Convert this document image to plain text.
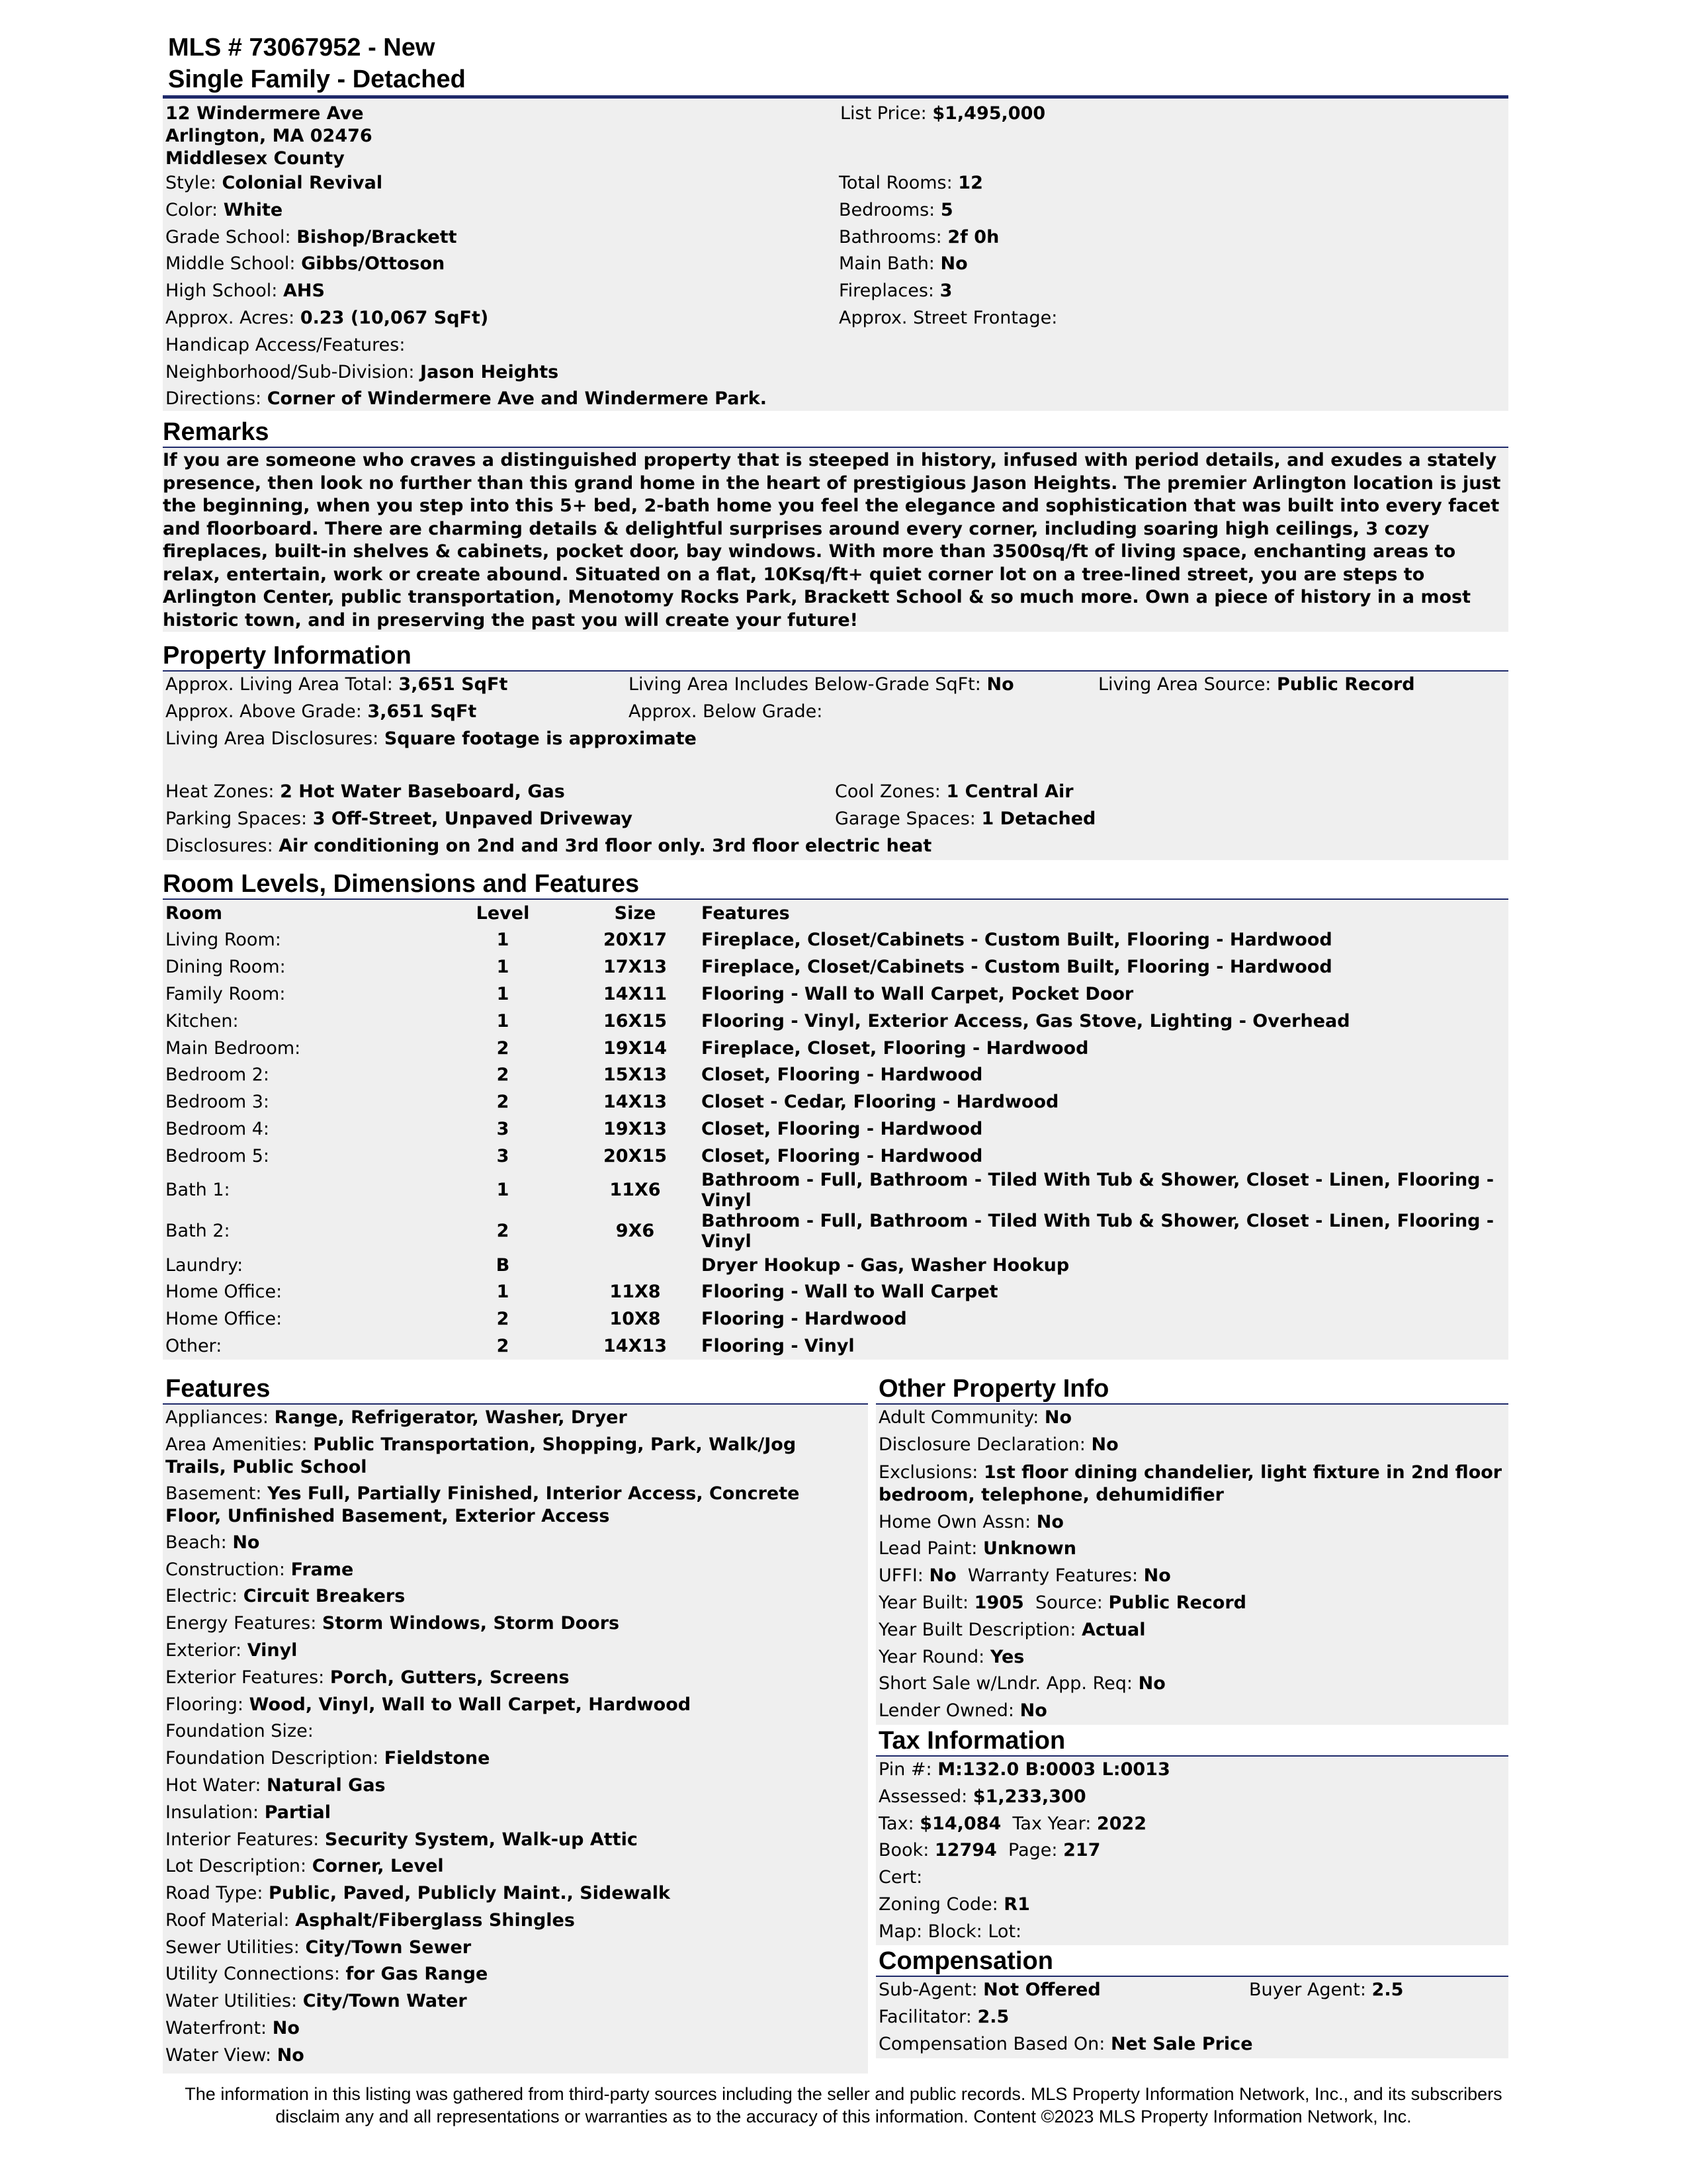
MLS # 73067952 - New
Single Family - Detached
12 Windermere Ave
Arlington, MA 02476
Middlesex County
Style: Colonial Revival
Color: White
Grade School: Bishop/Brackett
Middle School: Gibbs/Ottoson
High School: AHS
Approx. Acres: 0.23 (10,067 SqFt)
Handicap Access/Features:
Neighborhood/Sub-Division: Jason Heights
Directions: Corner of Windermere Ave and Windermere Park.
List Price: $1,495,000
Total Rooms: 12
Bedrooms: 5
Bathrooms: 2f 0h
Main Bath: No
Fireplaces: 3
Approx. Street Frontage:
Remarks
If you are someone who craves a distinguished property that is steeped in history, infused with period details, and exudes a stately presence, then look no further than this grand home in the heart of prestigious Jason Heights. The premier Arlington location is just the beginning, when you step into this 5+ bed, 2-bath home you feel the elegance and sophistication that was built into every facet and floorboard. There are charming details & delightful surprises around every corner, including soaring high ceilings, 3 cozy fireplaces, built-in shelves & cabinets, pocket door, bay windows. With more than 3500sq/ft of living space, enchanting areas to relax, entertain, work or create abound. Situated on a flat, 10Ksq/ft+ quiet corner lot on a tree-lined street, you are steps to Arlington Center, public transportation, Menotomy Rocks Park, Brackett School & so much more. Own a piece of history in a most historic town, and in preserving the past you will create your future!
Property Information
Approx. Living Area Total: 3,651 SqFt	Living Area Includes Below-Grade SqFt: No	Living Area Source: Public Record
Approx. Above Grade: 3,651 SqFt	Approx. Below Grade:
Living Area Disclosures: Square footage is approximate
Heat Zones: 2 Hot Water Baseboard, Gas	Cool Zones: 1 Central Air
Parking Spaces: 3 Off-Street, Unpaved Driveway	Garage Spaces: 1 Detached
Disclosures: Air conditioning on 2nd and 3rd floor only. 3rd floor electric heat
Room Levels, Dimensions and Features
Room	Level	Size	Features
Living Room:	1	20X17	Fireplace, Closet/Cabinets - Custom Built, Flooring - Hardwood
Dining Room:	1	17X13	Fireplace, Closet/Cabinets - Custom Built, Flooring - Hardwood
Family Room:	1	14X11	Flooring - Wall to Wall Carpet, Pocket Door
Kitchen:	1	16X15	Flooring - Vinyl, Exterior Access, Gas Stove, Lighting - Overhead
Main Bedroom:	2	19X14	Fireplace, Closet, Flooring - Hardwood
Bedroom 2:	2	15X13	Closet, Flooring - Hardwood
Bedroom 3:	2	14X13	Closet - Cedar, Flooring - Hardwood
Bedroom 4:	3	19X13	Closet, Flooring - Hardwood
Bedroom 5:	3	20X15	Closet, Flooring - Hardwood
Bath 1:	1	11X6	Bathroom - Full, Bathroom - Tiled With Tub & Shower, Closet - Linen, Flooring - Vinyl
Bath 2:	2	9X6	Bathroom - Full, Bathroom - Tiled With Tub & Shower, Closet - Linen, Flooring - Vinyl
Laundry:	B		Dryer Hookup - Gas, Washer Hookup
Home Office:	1	11X8	Flooring - Wall to Wall Carpet
Home Office:	2	10X8	Flooring - Hardwood
Other:	2	14X13	Flooring - Vinyl
Features
Appliances: Range, Refrigerator, Washer, Dryer
Area Amenities: Public Transportation, Shopping, Park, Walk/Jog Trails, Public School
Basement: Yes Full, Partially Finished, Interior Access, Concrete Floor, Unfinished Basement, Exterior Access
Beach: No
Construction: Frame
Electric: Circuit Breakers
Energy Features: Storm Windows, Storm Doors
Exterior: Vinyl
Exterior Features: Porch, Gutters, Screens
Flooring: Wood, Vinyl, Wall to Wall Carpet, Hardwood
Foundation Size:
Foundation Description: Fieldstone
Hot Water: Natural Gas
Insulation: Partial
Interior Features: Security System, Walk-up Attic
Lot Description: Corner, Level
Road Type: Public, Paved, Publicly Maint., Sidewalk
Roof Material: Asphalt/Fiberglass Shingles
Sewer Utilities: City/Town Sewer
Utility Connections: for Gas Range
Water Utilities: City/Town Water
Waterfront: No
Water View: No
Other Property Info
Adult Community: No
Disclosure Declaration: No
Exclusions: 1st floor dining chandelier, light fixture in 2nd floor bedroom, telephone, dehumidifier
Home Own Assn: No
Lead Paint: Unknown
UFFI: No Warranty Features: No
Year Built: 1905 Source: Public Record
Year Built Description: Actual
Year Round: Yes
Short Sale w/Lndr. App. Req: No
Lender Owned: No
Tax Information
Pin #: M:132.0 B:0003 L:0013
Assessed: $1,233,300
Tax: $14,084 Tax Year: 2022
Book: 12794 Page: 217
Cert:
Zoning Code: R1
Map: Block: Lot:
Compensation
Sub-Agent: Not Offered	Buyer Agent: 2.5
Facilitator: 2.5
Compensation Based On: Net Sale Price
The information in this listing was gathered from third-party sources including the seller and public records. MLS Property Information Network, Inc., and its subscribers
disclaim any and all representations or warranties as to the accuracy of this information. Content ©2023 MLS Property Information Network, Inc.
